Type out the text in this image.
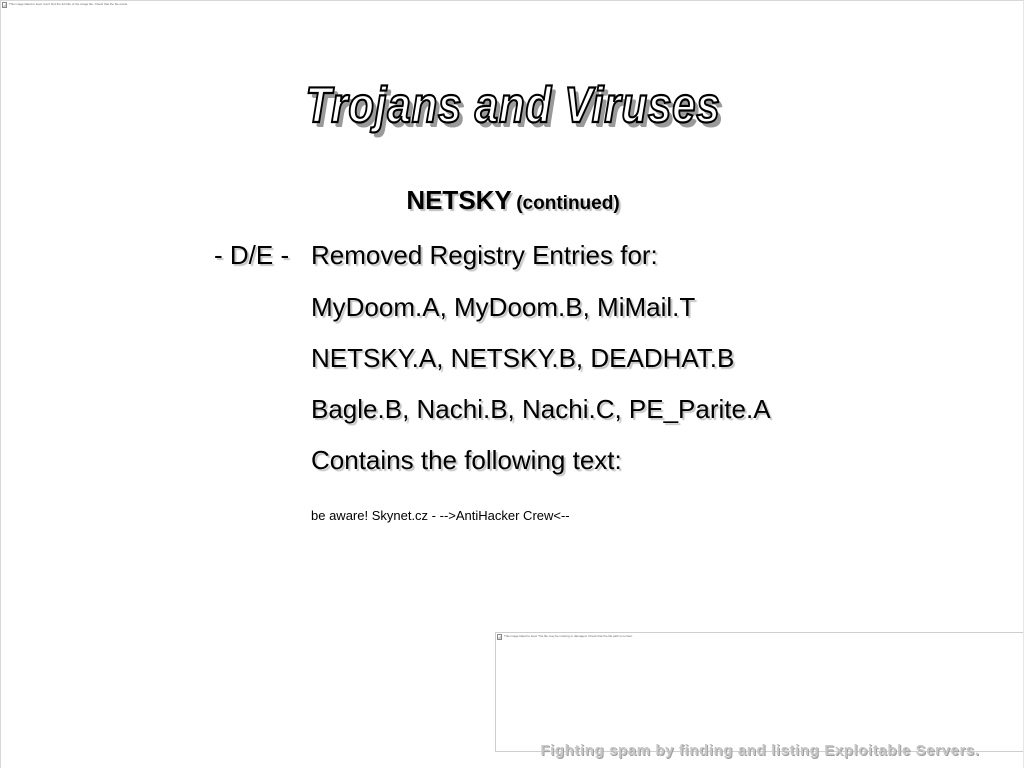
This image failed to load. Can't find the full title of the image file. Check that the file exists.
Trojans and Viruses
NETSKY (continued)
- D/E - Removed Registry Entries for:
MyDoom.A, MyDoom.B, MiMail.T
NETSKY.A, NETSKY.B, DEADHAT.B
Bagle.B, Nachi.B, Nachi.C, PE_Parite.A
Contains the following text:
be aware! Skynet.cz - -->AntiHacker Crew<--
This image failed to load. The file may be missing or damaged. Check that the file path is correct.
Fighting spam by finding and listing Exploitable Servers.
